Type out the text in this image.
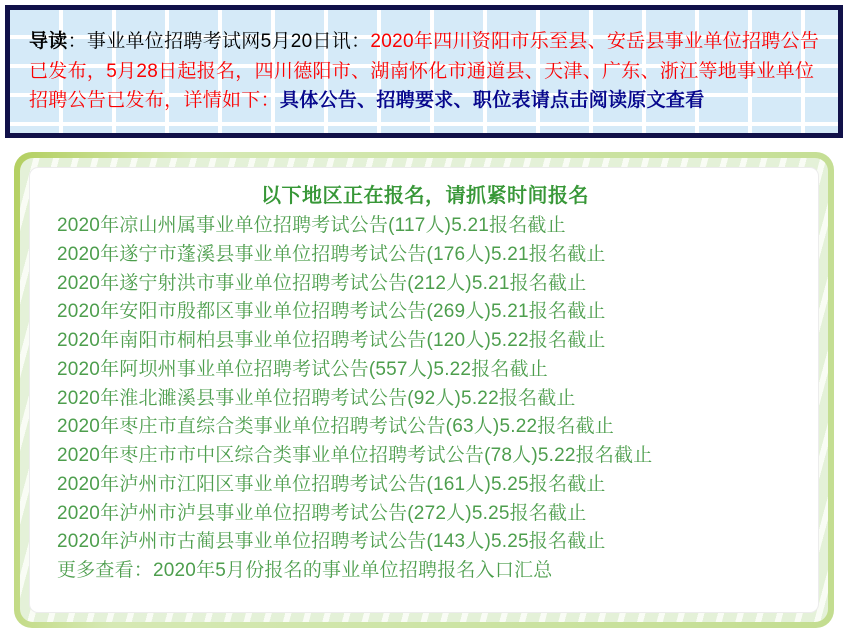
导读：事业单位招聘考试网5月20日讯：2020年四川资阳市乐至县、安岳县事业单位招聘公告已发布，5月28日起报名，四川德阳市、湖南怀化市通道县、天津、广东、浙江等地事业单位招聘公告已发布，详情如下：具体公告、招聘要求、职位表请点击阅读原文查看
以下地区正在报名，请抓紧时间报名
2020年凉山州属事业单位招聘考试公告(117人)5.21报名截止
2020年遂宁市蓬溪县事业单位招聘考试公告(176人)5.21报名截止
2020年遂宁射洪市事业单位招聘考试公告(212人)5.21报名截止
2020年安阳市殷都区事业单位招聘考试公告(269人)5.21报名截止
2020年南阳市桐柏县事业单位招聘考试公告(120人)5.22报名截止
2020年阿坝州事业单位招聘考试公告(557人)5.22报名截止
2020年淮北濉溪县事业单位招聘考试公告(92人)5.22报名截止
2020年枣庄市直综合类事业单位招聘考试公告(63人)5.22报名截止
2020年枣庄市市中区综合类事业单位招聘考试公告(78人)5.22报名截止
2020年泸州市江阳区事业单位招聘考试公告(161人)5.25报名截止
2020年泸州市泸县事业单位招聘考试公告(272人)5.25报名截止
2020年泸州市古蔺县事业单位招聘考试公告(143人)5.25报名截止
更多查看：2020年5月份报名的事业单位招聘报名入口汇总
